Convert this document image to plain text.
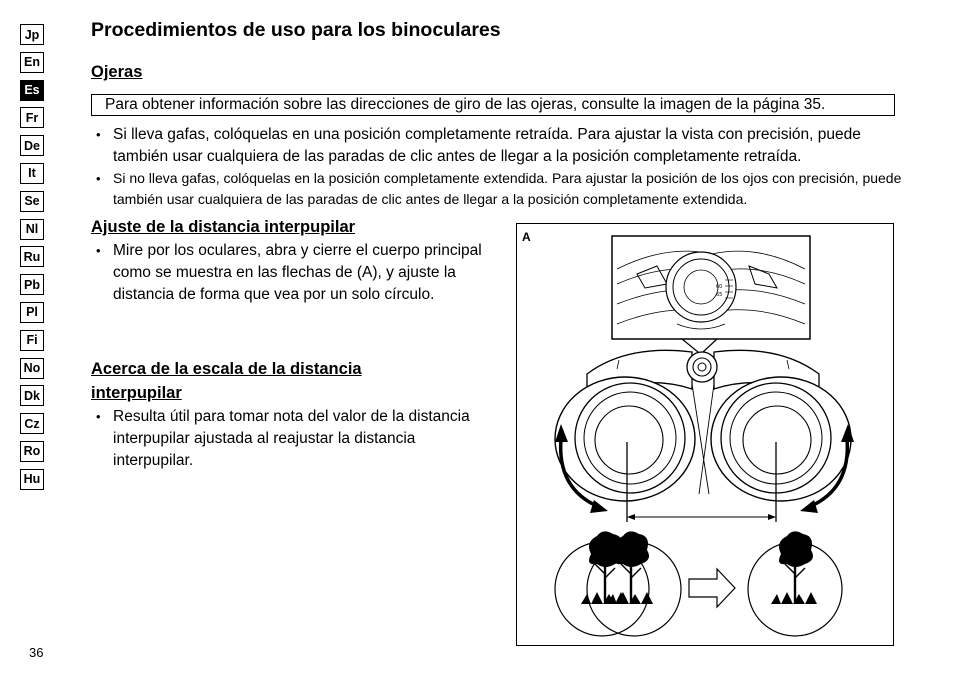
Jp
En
Es
Fr
De
It
Se
Nl
Ru
Pb
Pl
Fi
No
Dk
Cz
Ro
Hu
Procedimientos de uso para los binoculares
Ojeras
Para obtener información sobre las direcciones de giro de las ojeras, consulte la imagen de la página 35.
• Si lleva gafas, colóquelas en una posición completamente retraída. Para ajustar la vista con precisión, puede también usar cualquiera de las paradas de clic antes de llegar a la posición completamente retraída.
• Si no lleva gafas, colóquelas en la posición completamente extendida. Para ajustar la posición de los ojos con precisión, puede también usar cualquiera de las paradas de clic antes de llegar a la posición completamente extendida.
Ajuste de la distancia interpupilar
• Mire por los oculares, abra y cierre el cuerpo principal como se muestra en las flechas de (A), y ajuste la distancia de forma que vea por un solo círculo.
Acerca de la escala de la distancia interpupilar
• Resulta útil para tomar nota del valor de la distancia interpupilar ajustada al reajustar la distancia interpupilar.
36
A
60
65
